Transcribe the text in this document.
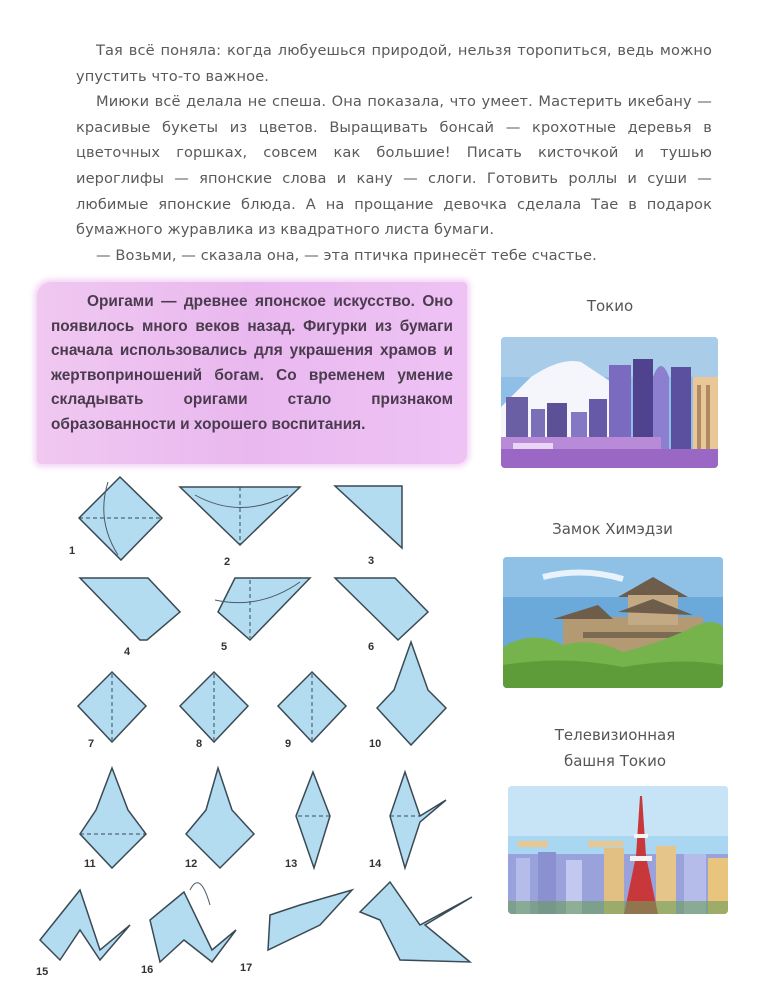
Тая всё поняла: когда любуешься природой, нельзя торопиться, ведь можно упустить что-то важное.

Миюки всё делала не спеша. Она показала, что умеет. Мастерить икебану — красивые букеты из цветов. Выращивать бонсай — крохотные деревья в цветочных горшках, совсем как большие! Писать кисточкой и тушью иероглифы — японские слова и кану — слоги. Готовить роллы и суши — любимые японские блюда. А на прощание девочка сделала Тае в подарок бумажного журавлика из квадратного листа бумаги.

— Возьми, — сказала она, — эта птичка принесёт тебе счастье.

Оригами — древнее японское искусство. Оно появилось много веков назад. Фигурки из бумаги сначала использовались для украшения храмов и жертвоприношений богам. Со временем умение складывать оригами стало признаком образованности и хорошего воспитания.

Токио
Замок Химэдзи
Телевизионная
башня Токио
1
2	3
4	5	6
7	8	9	10
11	12	13	14
15	16	17
